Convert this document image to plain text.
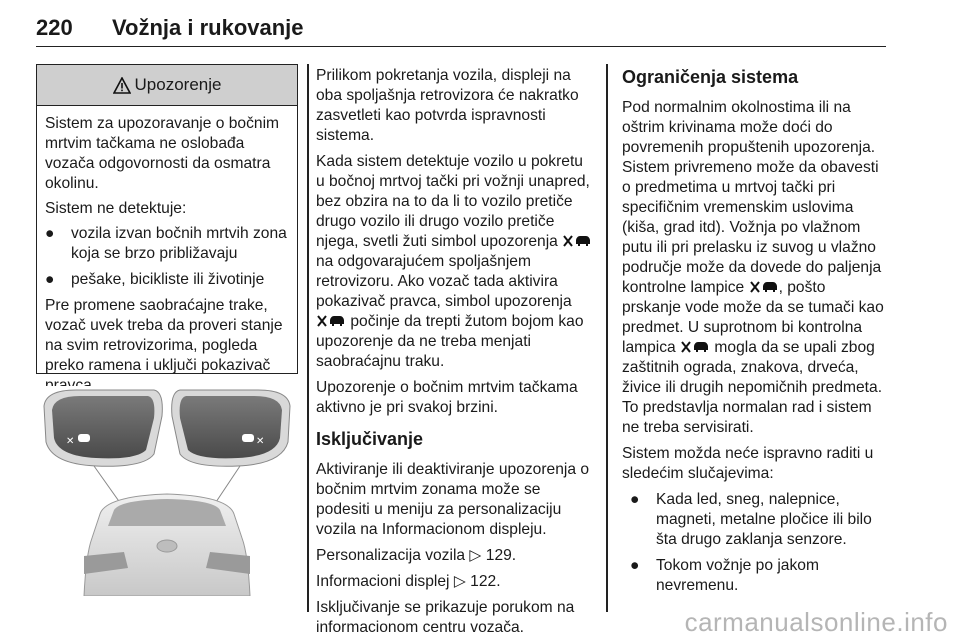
220 Vožnja i rukovanje
Upozorenje

Sistem za upozoravanje o bočnim mrtvim tačkama ne oslobađa vozača odgovornosti da osmatra okolinu.

Sistem ne detektuje:

●	vozila izvan bočnih mrtvih zona koja se brzo približavaju
●	pešake, bicikliste ili životinje

Pre promene saobraćajne trake, vozač uvek treba da proveri stanje na svim retrovizorima, pogleda preko ramena i uključi pokazivač

✕	✕

Prilikom pokretanja vozila, displeji na oba spoljašnja retrovizora će nakratko zasvetleti kao potvrda ispravnosti sistema.

Kada sistem detektuje vozilo u pokretu u bočnoj mrtvoj tački pri vožnji unapred, bez obzira na to da li to vozilo pretiče drugo vozilo ili drugo vozilo pretiče njega, svetli žuti simbol upozorenja  na odgovarajućem spoljašnjem retrovizoru. Ako vozač tada aktivira pokazivač pravca, simbol upozorenja  počinje da trepti žutom bojom kao upozorenje da ne treba menjati saobraćajnu traku.

Upozorenje o bočnim mrtvim tačkama aktivno je pri svakoj brzini.

Isključivanje

Aktiviranje ili deaktiviranje upozorenja o bočnim mrtvim zonama može se podesiti u meniju za personalizaciju vozila na Informacionom displeju.

Personalizacija vozila ▷ 129.

Informacioni displej ▷ 122.

Isključivanje se prikazuje porukom na informacionom centru vozača.

Ograničenja sistema

Pod normalnim okolnostima ili na oštrim krivinama može doći do povremenih propuštenih upozorenja. Sistem privremeno može da obavesti o predmetima u mrtvoj tački pri specifičnim vremenskim uslovima (kiša, grad itd). Vožnja po vlažnom putu ili pri prelasku iz suvog u vlažno područje može da dovede do paljenja kontrolne lampice , pošto prskanje vode može da se tumači kao predmet. U suprotnom bi kontrolna lampica mogla da se upali zbog zaštitnih ograda, znakova, drveća, živice ili drugih nepomičnih predmeta. To predstavlja normalan rad i sistem ne treba servisirati.

Sistem možda neće ispravno raditi u sledećim slučajevima:

●	Kada led, sneg, nalepnice, magneti, metalne pločice ili bilo šta drugo zaklanja senzore.
●	Tokom vožnje po jakom nevremenu.
carmanualsonline.info
